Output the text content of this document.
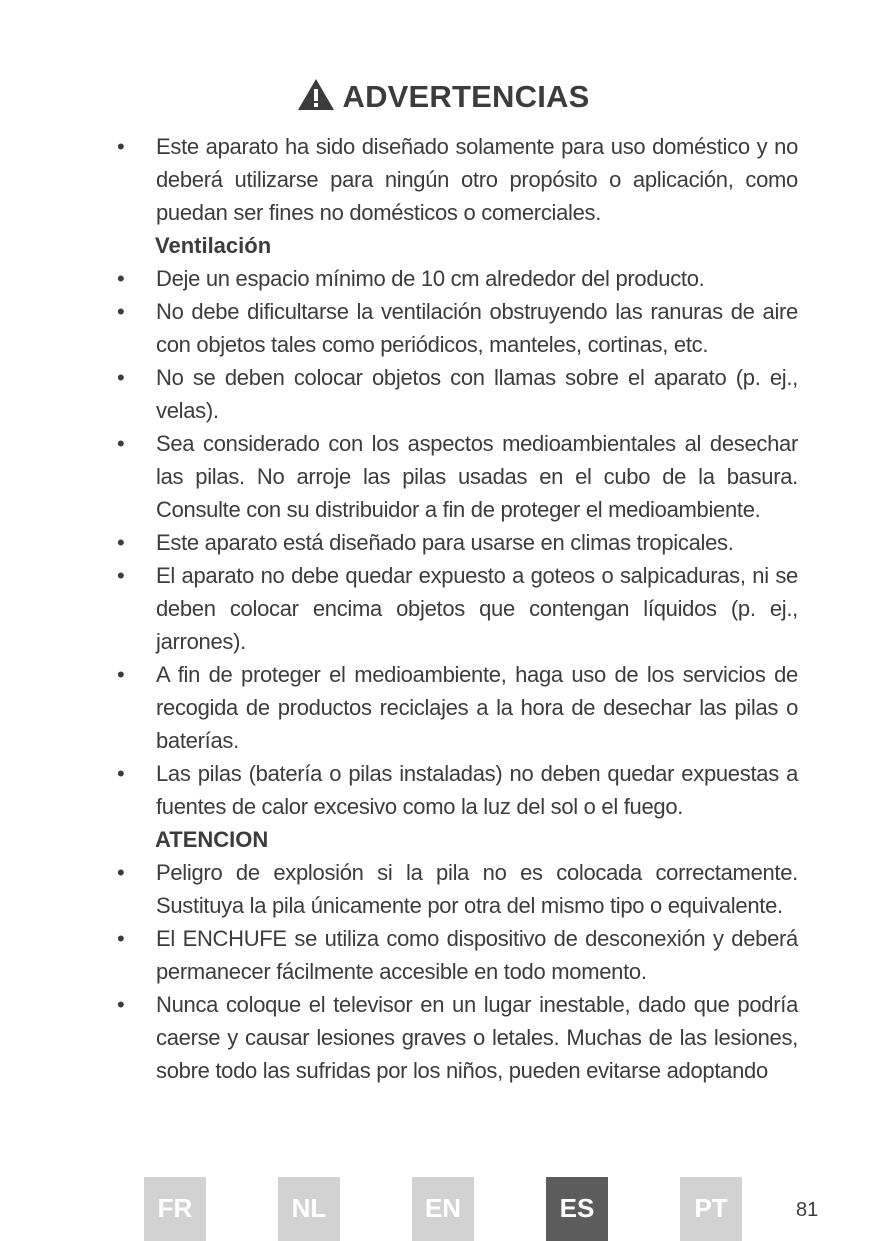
ADVERTENCIAS
• Este aparato ha sido diseñado solamente para uso doméstico y no deberá utilizarse para ningún otro propósito o aplicación, como puedan ser fines no domésticos o comerciales.
Ventilación
• Deje un espacio mínimo de 10 cm alrededor del producto.
• No debe dificultarse la ventilación obstruyendo las ranuras de aire con objetos tales como periódicos, manteles, cortinas, etc.
• No se deben colocar objetos con llamas sobre el aparato (p. ej., velas).
• Sea considerado con los aspectos medioambientales al desechar las pilas. No arroje las pilas usadas en el cubo de la basura. Consulte con su distribuidor a fin de proteger el medioambiente.
• Este aparato está diseñado para usarse en climas tropicales.
• El aparato no debe quedar expuesto a goteos o salpicaduras, ni se deben colocar encima objetos que contengan líquidos (p. ej., jarrones).
• A fin de proteger el medioambiente, haga uso de los servicios de recogida de productos reciclajes a la hora de desechar las pilas o baterías.
• Las pilas (batería o pilas instaladas) no deben quedar expuestas a fuentes de calor excesivo como la luz del sol o el fuego.
ATENCION
• Peligro de explosión si la pila no es colocada correctamente. Sustituya la pila únicamente por otra del mismo tipo o equivalente.
• El ENCHUFE se utiliza como dispositivo de desconexión y deberá permanecer fácilmente accesible en todo momento.
• Nunca coloque el televisor en un lugar inestable, dado que podría caerse y causar lesiones graves o letales. Muchas de las lesiones, sobre todo las sufridas por los niños, pueden evitarse adoptando
FR	NL	EN	ES	PT	81
